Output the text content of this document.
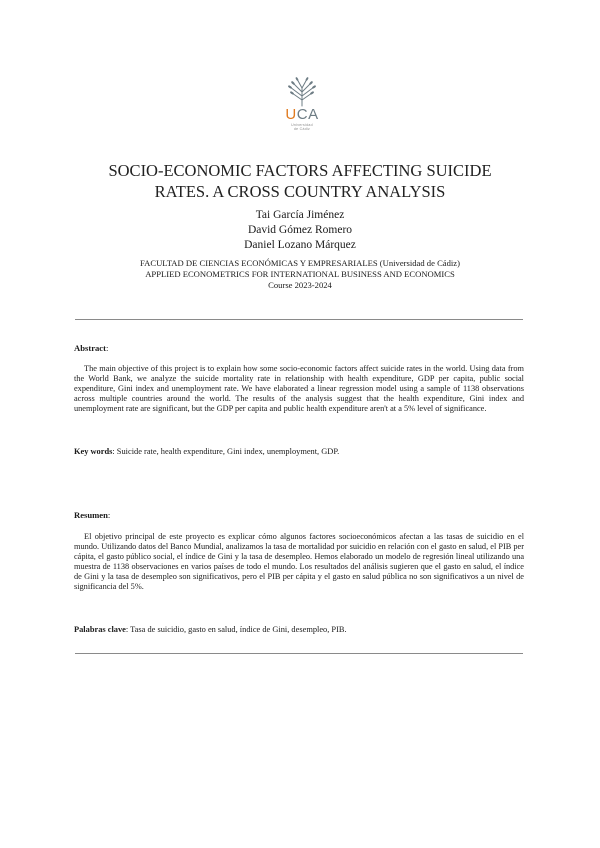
UCA
Universidad
de Cádiz
SOCIO-ECONOMIC FACTORS AFFECTING SUICIDE
RATES. A CROSS COUNTRY ANALYSIS
Tai García Jiménez
David Gómez Romero
Daniel Lozano Márquez
FACULTAD DE CIENCIAS ECONÓMICAS Y EMPRESARIALES (Universidad de Cádiz)
APPLIED ECONOMETRICS FOR INTERNATIONAL BUSINESS AND ECONOMICS
Course 2023-2024
Abstract:
The main objective of this project is to explain how some socio-economic factors affect suicide rates in the world. Using data from the World Bank, we analyze the suicide mortality rate in relationship with health expenditure, GDP per capita, public social expenditure, Gini index and unemployment rate. We have elaborated a linear regression model using a sample of 1138 observations across multiple countries around the world. The results of the analysis suggest that the health expenditure, Gini index and unemployment rate are significant, but the GDP per capita and public health expenditure aren't at a 5% level of significance.
Key words: Suicide rate, health expenditure, Gini index, unemployment, GDP.
Resumen:
El objetivo principal de este proyecto es explicar cómo algunos factores socioeconómicos afectan a las tasas de suicidio en el mundo. Utilizando datos del Banco Mundial, analizamos la tasa de mortalidad por suicidio en relación con el gasto en salud, el PIB per cápita, el gasto público social, el índice de Gini y la tasa de desempleo. Hemos elaborado un modelo de regresión lineal utilizando una muestra de 1138 observaciones en varios países de todo el mundo. Los resultados del análisis sugieren que el gasto en salud, el índice de Gini y la tasa de desempleo son significativos, pero el PIB per cápita y el gasto en salud pública no son significativos a un nivel de significancia del 5%.
Palabras clave: Tasa de suicidio, gasto en salud, índice de Gini, desempleo, PIB.
